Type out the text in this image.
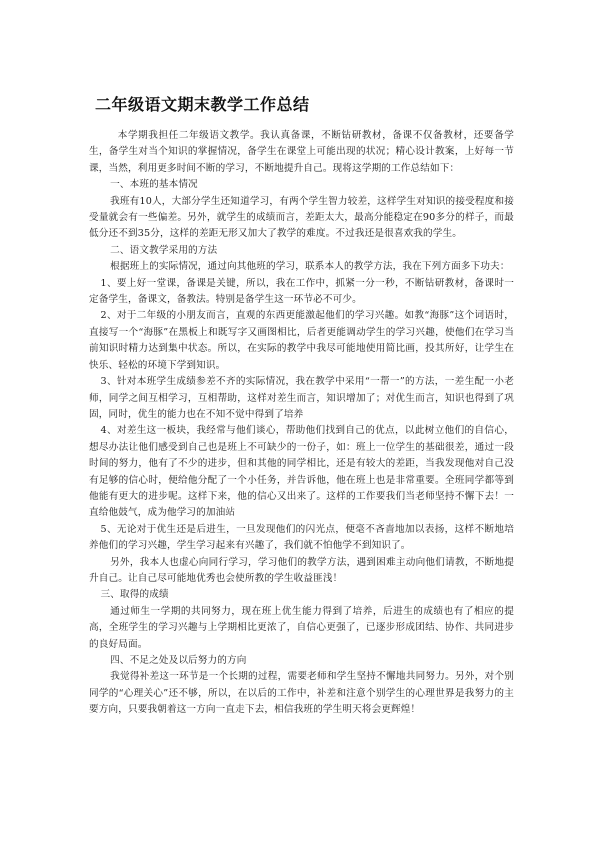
二年级语文期末教学工作总结

本学期我担任二年级语文教学。我认真备课，不断钻研教材，备课不仅备教材，还要备学生，备学生对当个知识的掌握情况，备学生在课堂上可能出现的状况；精心设计教案，上好每一节课，当然，利用更多时间不断的学习，不断地提升自己。现将这学期的工作总结如下：

一、本班的基本情况

我班有10人，大部分学生还知道学习，有两个学生智力较差，这样学生对知识的接受程度和接受量就会有一些偏差。另外，就学生的成绩而言，差距太大，最高分能稳定在90多分的样子，而最低分还不到35分，这样的差距无形又加大了教学的难度。不过我还是很喜欢我的学生。

二、语文教学采用的方法

根据班上的实际情况，通过向其他班的学习，联系本人的教学方法，我在下列方面多下功夫：

1、要上好一堂课，备课是关键，所以，我在工作中，抓紧一分一秒，不断钻研教材，备课时一定备学生，备课文，备教法。特别是备学生这一环节必不可少。

2、对于二年级的小朋友而言，直观的东西更能激起他们的学习兴趣。如教“海豚”这个词语时，直接写一个“海豚”在黑板上和既写字又画图相比，后者更能调动学生的学习兴趣，使他们在学习当前知识时精力达到集中状态。所以，在实际的教学中我尽可能地使用简比画，投其所好，让学生在快乐、轻松的环境下学到知识。

3、针对本班学生成绩参差不齐的实际情况，我在教学中采用“一帮一”的方法，一差生配一小老师，同学之间互相学习，互相帮助，这样对差生而言，知识增加了；对优生而言，知识也得到了巩固，同时，优生的能力也在不知不觉中得到了培养

4、对差生这一板块，我经常与他们谈心，帮助他们找到自己的优点，以此树立他们的自信心，想尽办法让他们感受到自己也是班上不可缺少的一份子，如：班上一位学生的基础很差，通过一段时间的努力，他有了不少的进步，但和其他的同学相比，还是有较大的差距，当我发现他对自己没有足够的信心时，便给他分配了一个小任务，并告诉他，他在班上也是非常重要。全班同学都等到他能有更大的进步呢。这样下来，他的信心又出来了。这样的工作要我们当老师坚持不懈下去！一直给他鼓气，成为他学习的加油站

5、无论对于优生还是后进生，一旦发现他们的闪光点，便毫不吝啬地加以表扬，这样不断地培养他们的学习兴趣，学生学习起来有兴趣了，我们就不怕他学不到知识了。

另外，我本人也虚心向同行学习，学习他们的教学方法，遇到困难主动向他们请教，不断地提升自己。让自己尽可能地优秀也会使所教的学生收益匪浅！

三、取得的成绩

通过师生一学期的共同努力，现在班上优生能力得到了培养，后进生的成绩也有了相应的提高，全班学生的学习兴趣与上学期相比更浓了，自信心更强了，已逐步形成团结、协作、共同进步的良好局面。

四、不足之处及以后努力的方向

我觉得补差这一环节是一个长期的过程，需要老师和学生坚持不懈地共同努力。另外，对个别同学的“心理关心”还不够，所以，在以后的工作中，补差和注意个别学生的心理世界是我努力的主要方向，只要我朝着这一方向一直走下去，相信我班的学生明天将会更辉煌！
